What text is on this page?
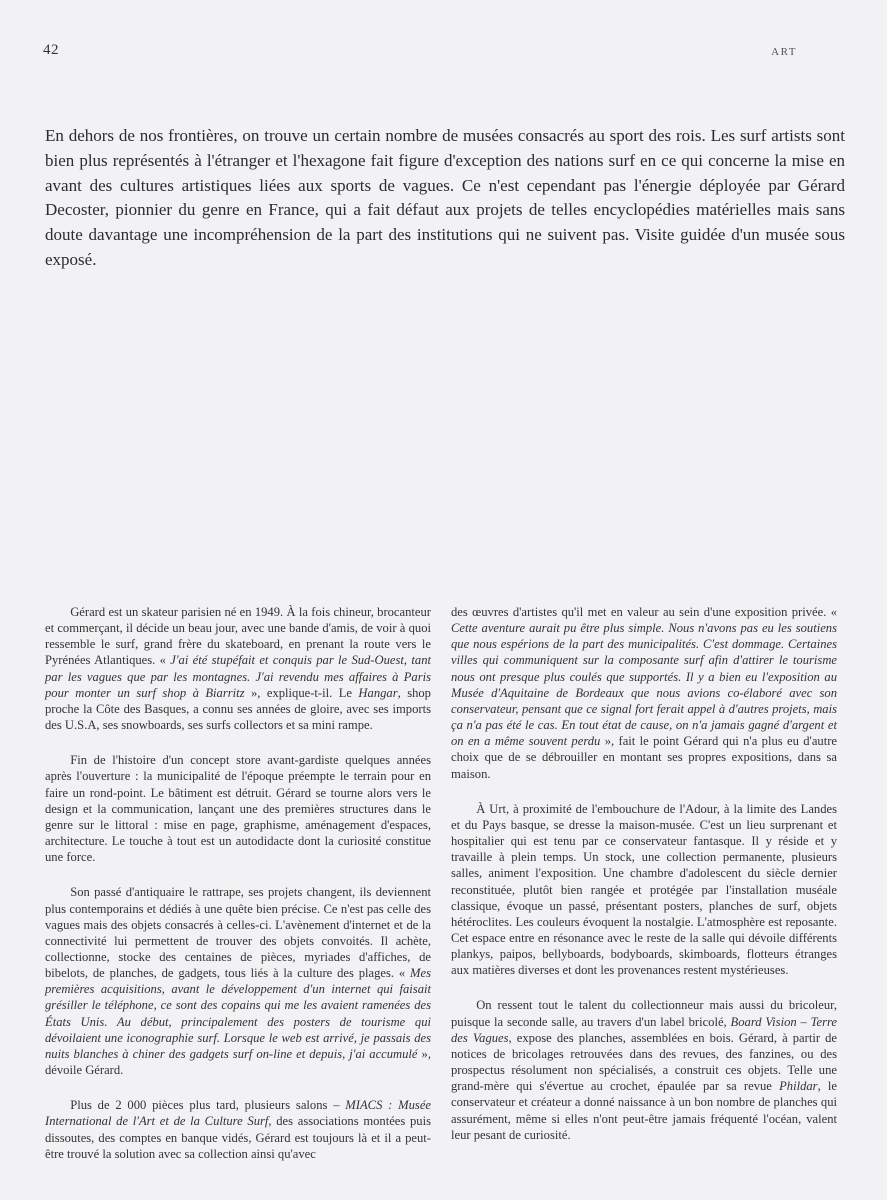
42	ART

En dehors de nos frontières, on trouve un certain nombre de musées consacrés au sport des rois. Les surf artists sont bien plus représentés à l'étranger et l'hexagone fait figure d'exception des nations surf en ce qui concerne la mise en avant des cultures artistiques liées aux sports de vagues. Ce n'est cependant pas l'énergie déployée par Gérard Decoster, pionnier du genre en France, qui a fait défaut aux projets de telles encyclopédies matérielles mais sans doute davantage une incompréhension de la part des institutions qui ne suivent pas. Visite guidée d'un musée sous exposé.

Gérard est un skateur parisien né en 1949. À la fois chineur, brocanteur et commerçant, il décide un beau jour, avec une bande d'amis, de voir à quoi ressemble le surf, grand frère du skateboard, en prenant la route vers le Pyrénées Atlantiques. « J'ai été stupéfait et conquis par le Sud-Ouest, tant par les vagues que par les montagnes. J'ai revendu mes affaires à Paris pour monter un surf shop à Biarritz », explique-t-il. Le Hangar, shop proche la Côte des Basques, a connu ses années de gloire, avec ses imports des U.S.A, ses snowboards, ses surfs collectors et sa mini rampe.

Fin de l'histoire d'un concept store avant-gardiste quelques années après l'ouverture : la municipalité de l'époque préempte le terrain pour en faire un rond-point. Le bâtiment est détruit. Gérard se tourne alors vers le design et la communication, lançant une des premières structures dans le genre sur le littoral : mise en page, graphisme, aménagement d'espaces, architecture. Le touche à tout est un autodidacte dont la curiosité constitue une force.

Son passé d'antiquaire le rattrape, ses projets changent, ils deviennent plus contemporains et dédiés à une quête bien précise. Ce n'est pas celle des vagues mais des objets consacrés à celles-ci. L'avènement d'internet et de la connectivité lui permettent de trouver des objets convoités. Il achète, collectionne, stocke des centaines de pièces, myriades d'affiches, de bibelots, de planches, de gadgets, tous liés à la culture des plages. « Mes premières acquisitions, avant le développement d'un internet qui faisait grésiller le téléphone, ce sont des copains qui me les avaient ramenées des États Unis. Au début, principalement des posters de tourisme qui dévoilaient une iconographie surf. Lorsque le web est arrivé, je passais des nuits blanches à chiner des gadgets surf on-line et depuis, j'ai accumulé », dévoile Gérard.

Plus de 2 000 pièces plus tard, plusieurs salons – MIACS : Musée International de l'Art et de la Culture Surf, des associations montées puis dissoutes, des comptes en banque vidés, Gérard est toujours là et il a peut-être trouvé la solution avec sa collection ainsi qu'avec

des œuvres d'artistes qu'il met en valeur au sein d'une exposition privée. « Cette aventure aurait pu être plus simple. Nous n'avons pas eu les soutiens que nous espérions de la part des municipalités. C'est dommage. Certaines villes qui communiquent sur la composante surf afin d'attirer le tourisme nous ont presque plus coulés que supportés. Il y a bien eu l'exposition au Musée d'Aquitaine de Bordeaux que nous avions co-élaboré avec son conservateur, pensant que ce signal fort ferait appel à d'autres projets, mais ça n'a pas été le cas. En tout état de cause, on n'a jamais gagné d'argent et on en a même souvent perdu », fait le point Gérard qui n'a plus eu d'autre choix que de se débrouiller en montant ses propres expositions, dans sa maison.

À Urt, à proximité de l'embouchure de l'Adour, à la limite des Landes et du Pays basque, se dresse la maison-musée. C'est un lieu surprenant et hospitalier qui est tenu par ce conservateur fantasque. Il y réside et y travaille à plein temps. Un stock, une collection permanente, plusieurs salles, animent l'exposition. Une chambre d'adolescent du siècle dernier reconstituée, plutôt bien rangée et protégée par l'installation muséale classique, évoque un passé, présentant posters, planches de surf, objets hétéroclites. Les couleurs évoquent la nostalgie. L'atmosphère est reposante. Cet espace entre en résonance avec le reste de la salle qui dévoile différents plankys, paipos, bellyboards, bodyboards, skimboards, flotteurs étranges aux matières diverses et dont les provenances restent mystérieuses.

On ressent tout le talent du collectionneur mais aussi du bricoleur, puisque la seconde salle, au travers d'un label bricolé, Board Vision – Terre des Vagues, expose des planches, assemblées en bois. Gérard, à partir de notices de bricolages retrouvées dans des revues, des fanzines, ou des prospectus résolument non spécialisés, a construit ces objets. Telle une grand-mère qui s'évertue au crochet, épaulée par sa revue Phildar, le conservateur et créateur a donné naissance à un bon nombre de planches qui assurément, même si elles n'ont peut-être jamais fréquenté l'océan, valent leur pesant de curiosité.
